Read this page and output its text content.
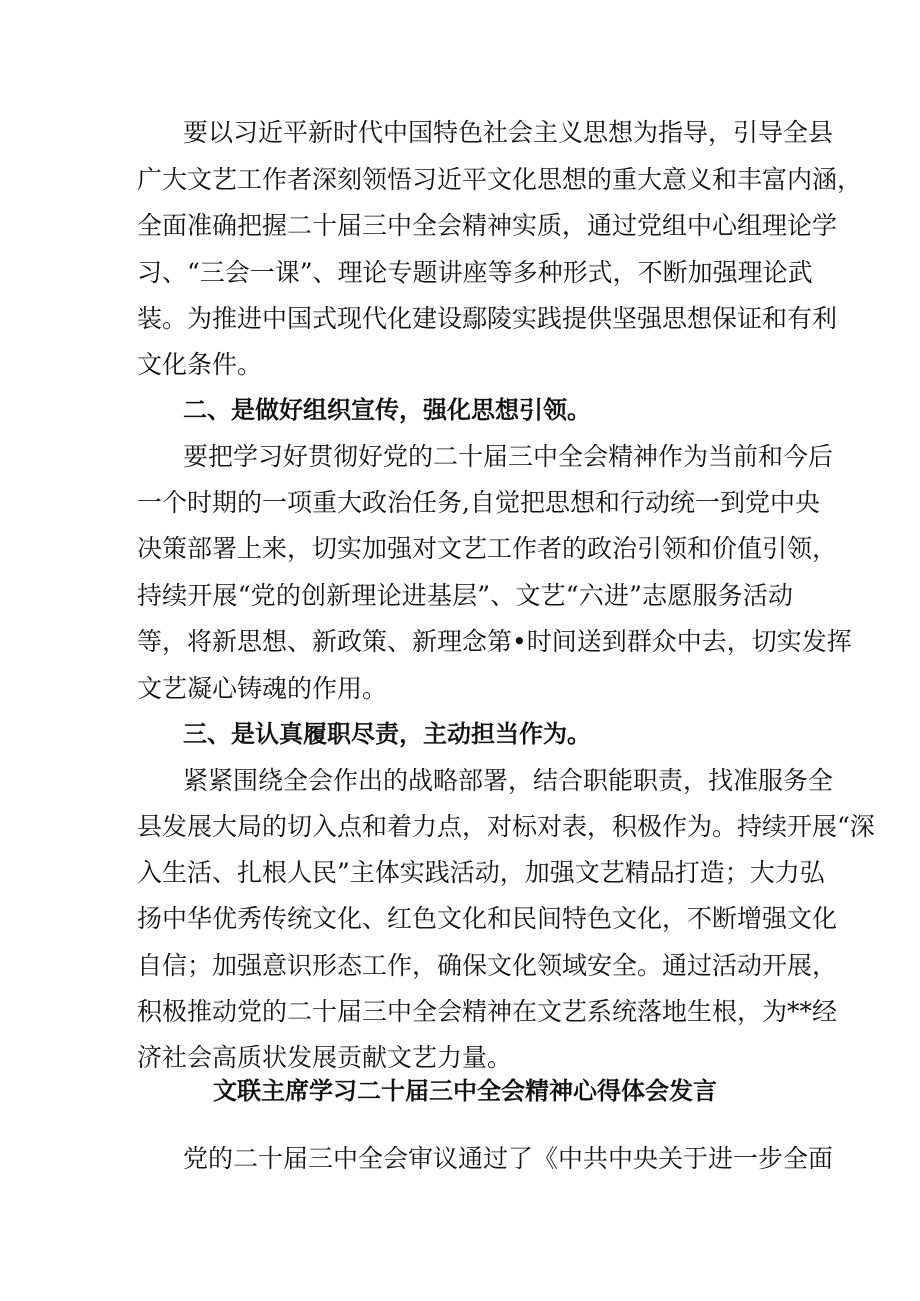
要以习近平新时代中国特色社会主义思想为指导，引导全县
广大文艺工作者深刻领悟习近平文化思想的重大意义和丰富内涵，
全面准确把握二十届三中全会精神实质，通过党组中心组理论学
习、“三会一课”、理论专题讲座等多种形式，不断加强理论武
装。为推进中国式现代化建设鄢陵实践提供坚强思想保证和有利
文化条件。
二、是做好组织宣传，强化思想引领。
要把学习好贯彻好党的二十届三中全会精神作为当前和今后
一个时期的一项重大政治任务,自觉把思想和行动统一到党中央
决策部署上来，切实加强对文艺工作者的政治引领和价值引领，
持续开展“党的创新理论进基层”、文艺“六进”志愿服务活动
等，将新思想、新政策、新理念第•时间送到群众中去，切实发挥
文艺凝心铸魂的作用。
三、是认真履职尽责，主动担当作为。
紧紧围绕全会作出的战略部署，结合职能职责，找准服务全
县发展大局的切入点和着力点，对标对表，积极作为。持续开展“深
入生活、扎根人民”主体实践活动，加强文艺精品打造；大力弘
扬中华优秀传统文化、红色文化和民间特色文化，不断增强文化
自信；加强意识形态工作，确保文化领域安全。通过活动开展，
积极推动党的二十届三中全会精神在文艺系统落地生根，为**经
济社会高质状发展贡献文艺力量。
文联主席学习二十届三中全会精神心得体会发言
党的二十届三中全会审议通过了《中共中央关于进一步全面
